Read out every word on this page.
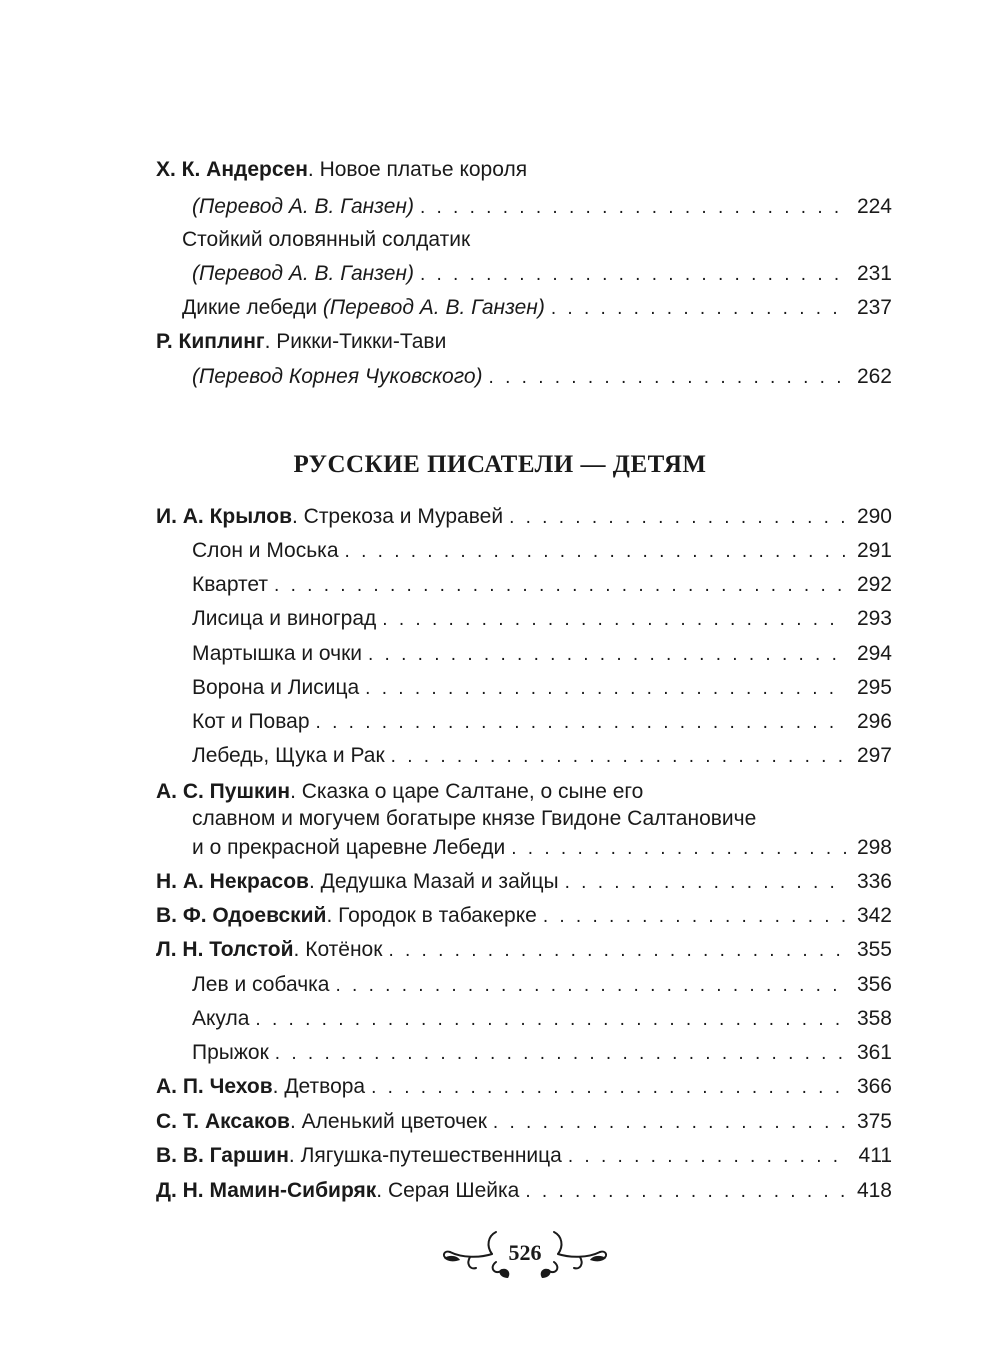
Х. К. Андерсен . Новое платье короля
(Перевод А. В. Ганзен) . . .	224
Стойкий оловянный солдатик
(Перевод А. В. Ганзен) . . .	231
Дикие лебеди
(Перевод А. В. Ганзен) . . .	237
Р. Киплинг . Рикки-Тикки-Тави
(Перевод Корнея Чуковского) . . .	262
РУССКИЕ ПИСАТЕЛИ — ДЕТЯМ
И. А. Крылов . Стрекоза и Муравей . . .	290
Слон и Моська . . .	291
Квартет . . .	292
Лисица и виноград . . .	293
Мартышка и очки . . .	294
Ворона и Лисица . . .	295
Кот и Повар . . .	296
Лебедь, Щука и Рак . . .	297
А. С. Пушкин . Сказка о царе Салтане, о сыне его
славном и могучем богатыре князе Гвидоне Салтановиче
и о прекрасной царевне Лебеди . . .	298
Н. А. Некрасов . Дедушка Мазай и зайцы . . .	336
В. Ф. Одоевский . Городок в табакерке . . .	342
Л. Н. Толстой . Котёнок . . .	355
Лев и собачка . . .	356
Акула . . .	358
Прыжок . . .	361
А. П. Чехов . Детвора . . .	366
С. Т. Аксаков . Аленький цветочек . . .	375
В. В. Гаршин . Лягушка-путешественница . . .	411
Д. Н. Мамин-Сибиряк . Серая Шейка . . .	418
526
